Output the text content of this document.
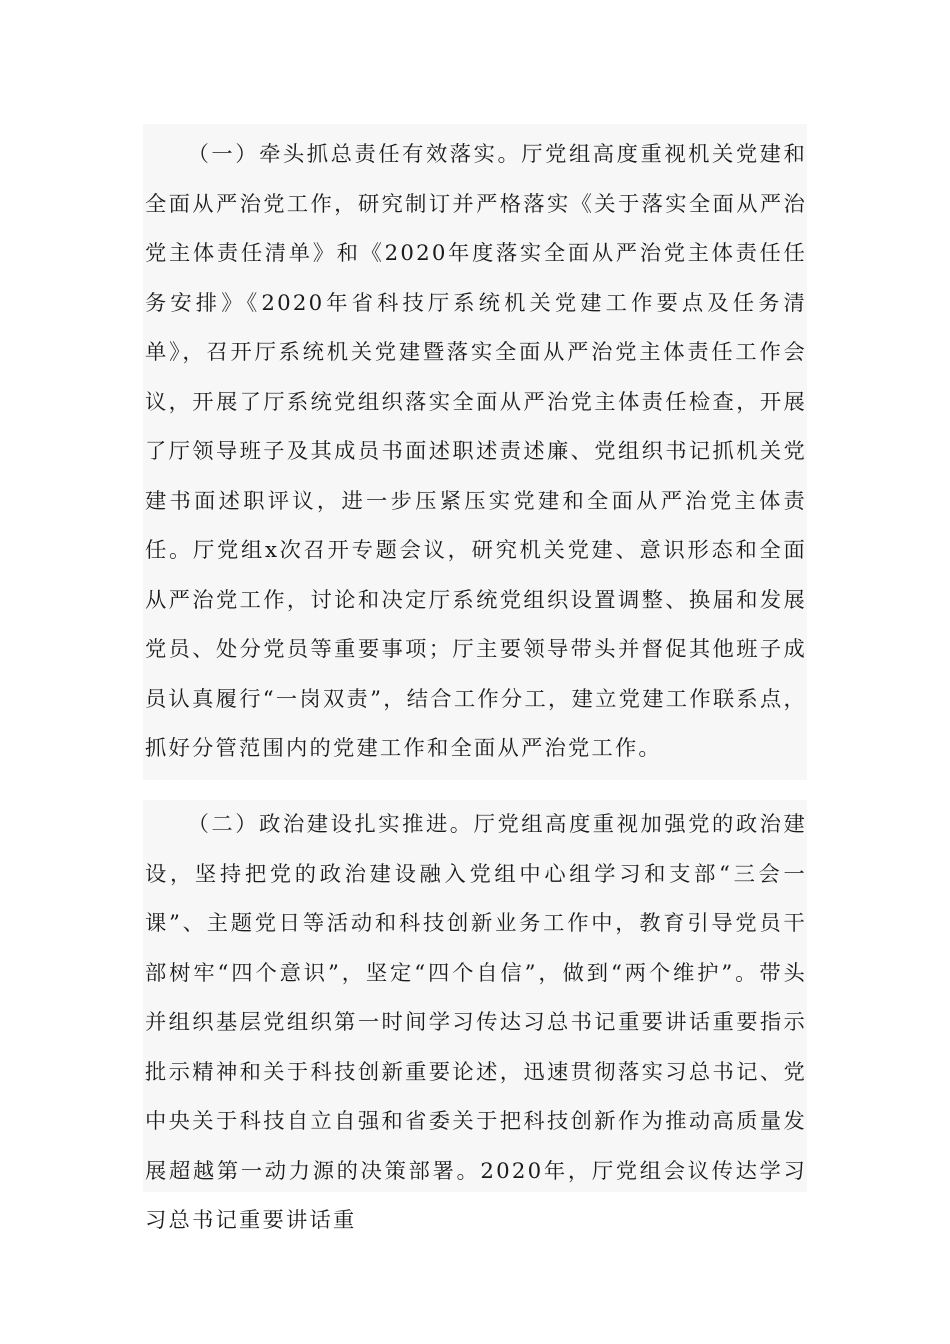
（一）牵头抓总责任有效落实。厅党组高度重视机关党建和全面从严治党工作，研究制订并严格落实《关于落实全面从严治党主体责任清单》和《2020年度落实全面从严治党主体责任任务安排》《2020年省科技厅系统机关党建工作要点及任务清单》，召开厅系统机关党建暨落实全面从严治党主体责任工作会议，开展了厅系统党组织落实全面从严治党主体责任检查，开展了厅领导班子及其成员书面述职述责述廉、党组织书记抓机关党建书面述职评议，进一步压紧压实党建和全面从严治党主体责任。厅党组x次召开专题会议，研究机关党建、意识形态和全面从严治党工作，讨论和决定厅系统党组织设置调整、换届和发展党员、处分党员等重要事项；厅主要领导带头并督促其他班子成员认真履行“一岗双责”，结合工作分工，建立党建工作联系点，抓好分管范围内的党建工作和全面从严治党工作。

（二）政治建设扎实推进。厅党组高度重视加强党的政治建设，坚持把党的政治建设融入党组中心组学习和支部“三会一课”、主题党日等活动和科技创新业务工作中，教育引导党员干部树牢“四个意识”，坚定“四个自信”，做到“两个维护”。带头并组织基层党组织第一时间学习传达习总书记重要讲话重要指示批示精神和关于科技创新重要论述，迅速贯彻落实习总书记、党中央关于科技自立自强和省委关于把科技创新作为推动高质量发展超越第一动力源的决策部署。2020年，厅党组会议传达学习习总书记重要讲话重
